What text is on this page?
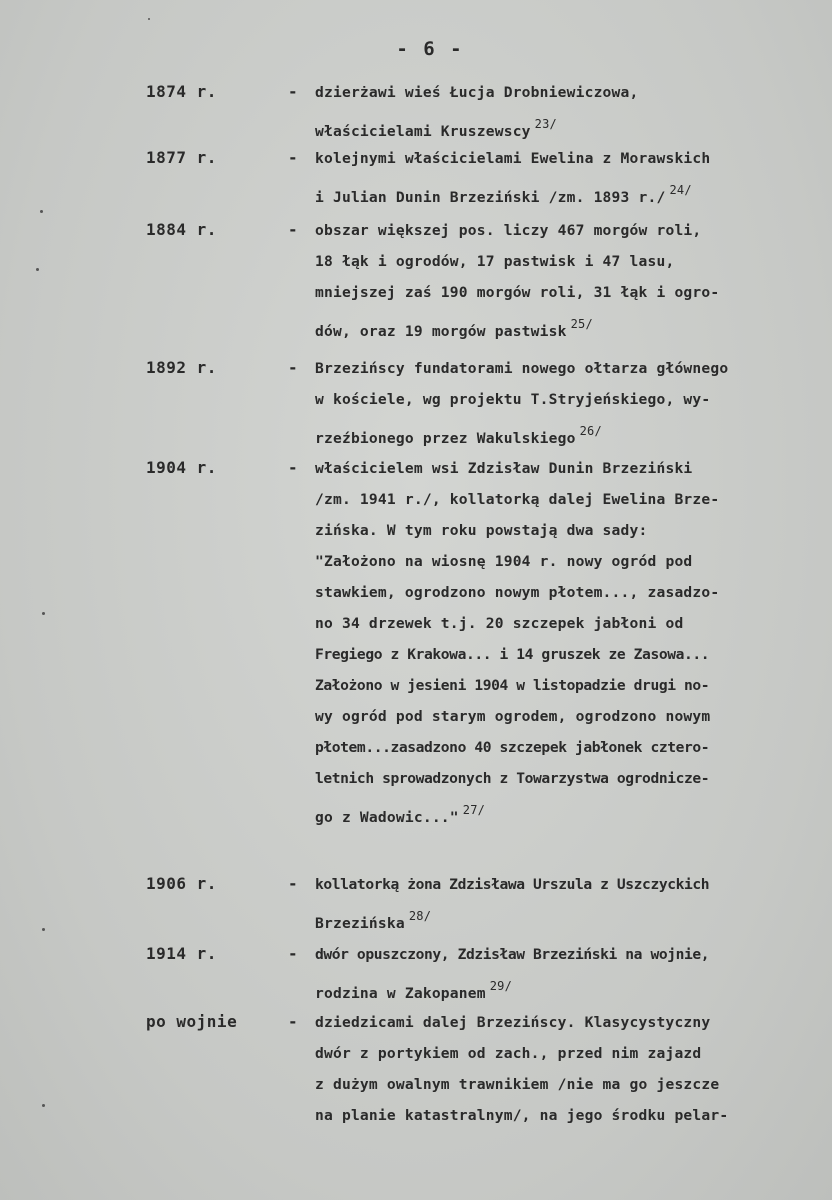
- 6 -
1874 r.	- dzierżawi wieś Łucja Drobniewiczowa,
właścicielami Kruszewscy $^{23/}$
1877 r.	- kolejnymi właścicielami Ewelina z Morawskich
i Julian Dunin Brzeziński /zm. 1893 r./ $^{24/}$
1884 r.	- obszar większej pos. liczy 467 morgów roli,
18 łąk i ogrodów, 17 pastwisk i 47 lasu,
mniejszej zaś 190 morgów roli, 31 łąk i ogro-
dów, oraz 19 morgów pastwisk $^{25/}$
1892 r.	- Brzezińscy fundatorami nowego ołtarza głównego
w kościele, wg projektu T.Stryjeńskiego, wy-
rzeźbionego przez Wakulskiego $^{26/}$
1904 r.	- właścicielem wsi Zdzisław Dunin Brzeziński
/zm. 1941 r./, kollatorką dalej Ewelina Brze-
zińska. W tym roku powstają dwa sady:
"Założono na wiosnę 1904 r. nowy ogród pod
stawkiem, ogrodzono nowym płotem..., zasadzo-
no 34 drzewek t.j. 20 szczepek jabłoni od
Fregiego z Krakowa... i 14 gruszek ze Zasowa...
Założono w jesieni 1904 w listopadzie drugi no-
wy ogród pod starym ogrodem, ogrodzono nowym
płotem...zasadzono 40 szczepek jabłonek cztero-
letnich sprowadzonych z Towarzystwa ogrodnicze-
go z Wadowic..." $^{27/}$
1906 r.	- kollatorką żona Zdzisława Urszula z Uszczyckich
Brzezińska $^{28/}$
1914 r.	- dwór opuszczony, Zdzisław Brzeziński na wojnie,
rodzina w Zakopanem $^{29/}$
po wojnie	- dziedzicami dalej Brzezińscy. Klasycystyczny
dwór z portykiem od zach., przed nim zajazd
z dużym owalnym trawnikiem /nie ma go jeszcze
na planie katastralnym/, na jego środku pelar-
